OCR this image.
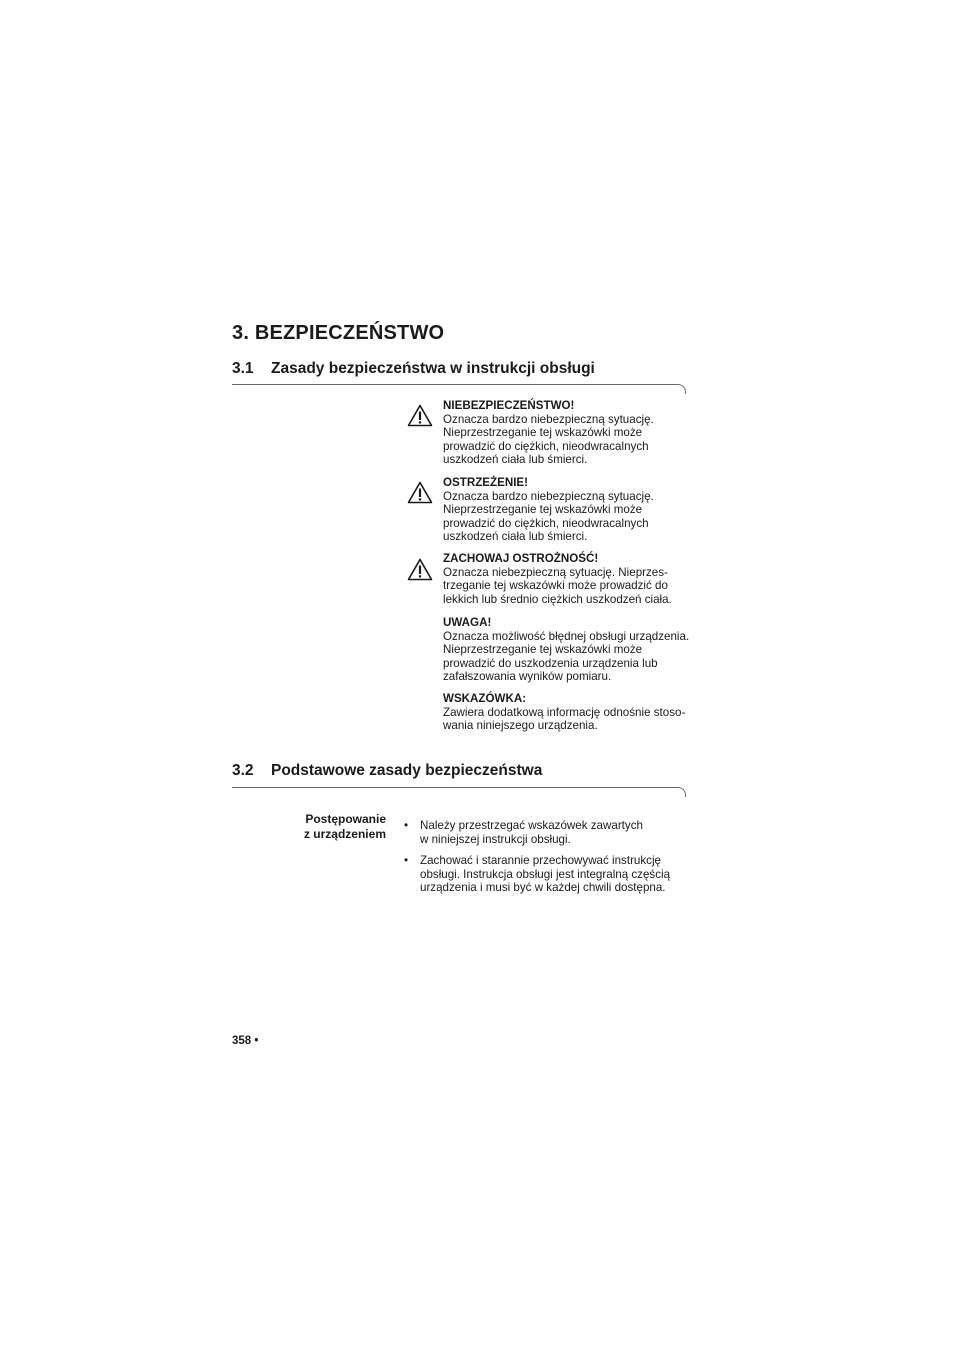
3. BEZPIECZEŃSTWO
3.1 Zasady bezpieczeństwa w instrukcji obsługi
NIEBEZPIECZEŃSTWO!
Oznacza bardzo niebezpieczną sytuację.
Nieprzestrzeganie tej wskazówki może
prowadzić do ciężkich, nieodwracalnych
uszkodzeń ciała lub śmierci.
OSTRZEŻENIE!
Oznacza bardzo niebezpieczną sytuację.
Nieprzestrzeganie tej wskazówki może
prowadzić do ciężkich, nieodwracalnych
uszkodzeń ciała lub śmierci.
ZACHOWAJ OSTROŻNOŚĆ!
Oznacza niebezpieczną sytuację. Nieprzes-
trzeganie tej wskazówki może prowadzić do
lekkich lub średnio ciężkich uszkodzeń ciała.
UWAGA!
Oznacza możliwość błędnej obsługi urządzenia.
Nieprzestrzeganie tej wskazówki może
prowadzić do uszkodzenia urządzenia lub
zafałszowania wyników pomiaru.
WSKAZÓWKA:
Zawiera dodatkową informację odnośnie stoso-
wania niniejszego urządzenia.
3.2 Podstawowe zasady bezpieczeństwa
Postępowanie
z urządzeniem
• Należy przestrzegać wskazówek zawartych
w niniejszej instrukcji obsługi.
• Zachować i starannie przechowywać instrukcję
obsługi. Instrukcja obsługi jest integralną częścią
urządzenia i musi być w każdej chwili dostępna.
358 •
